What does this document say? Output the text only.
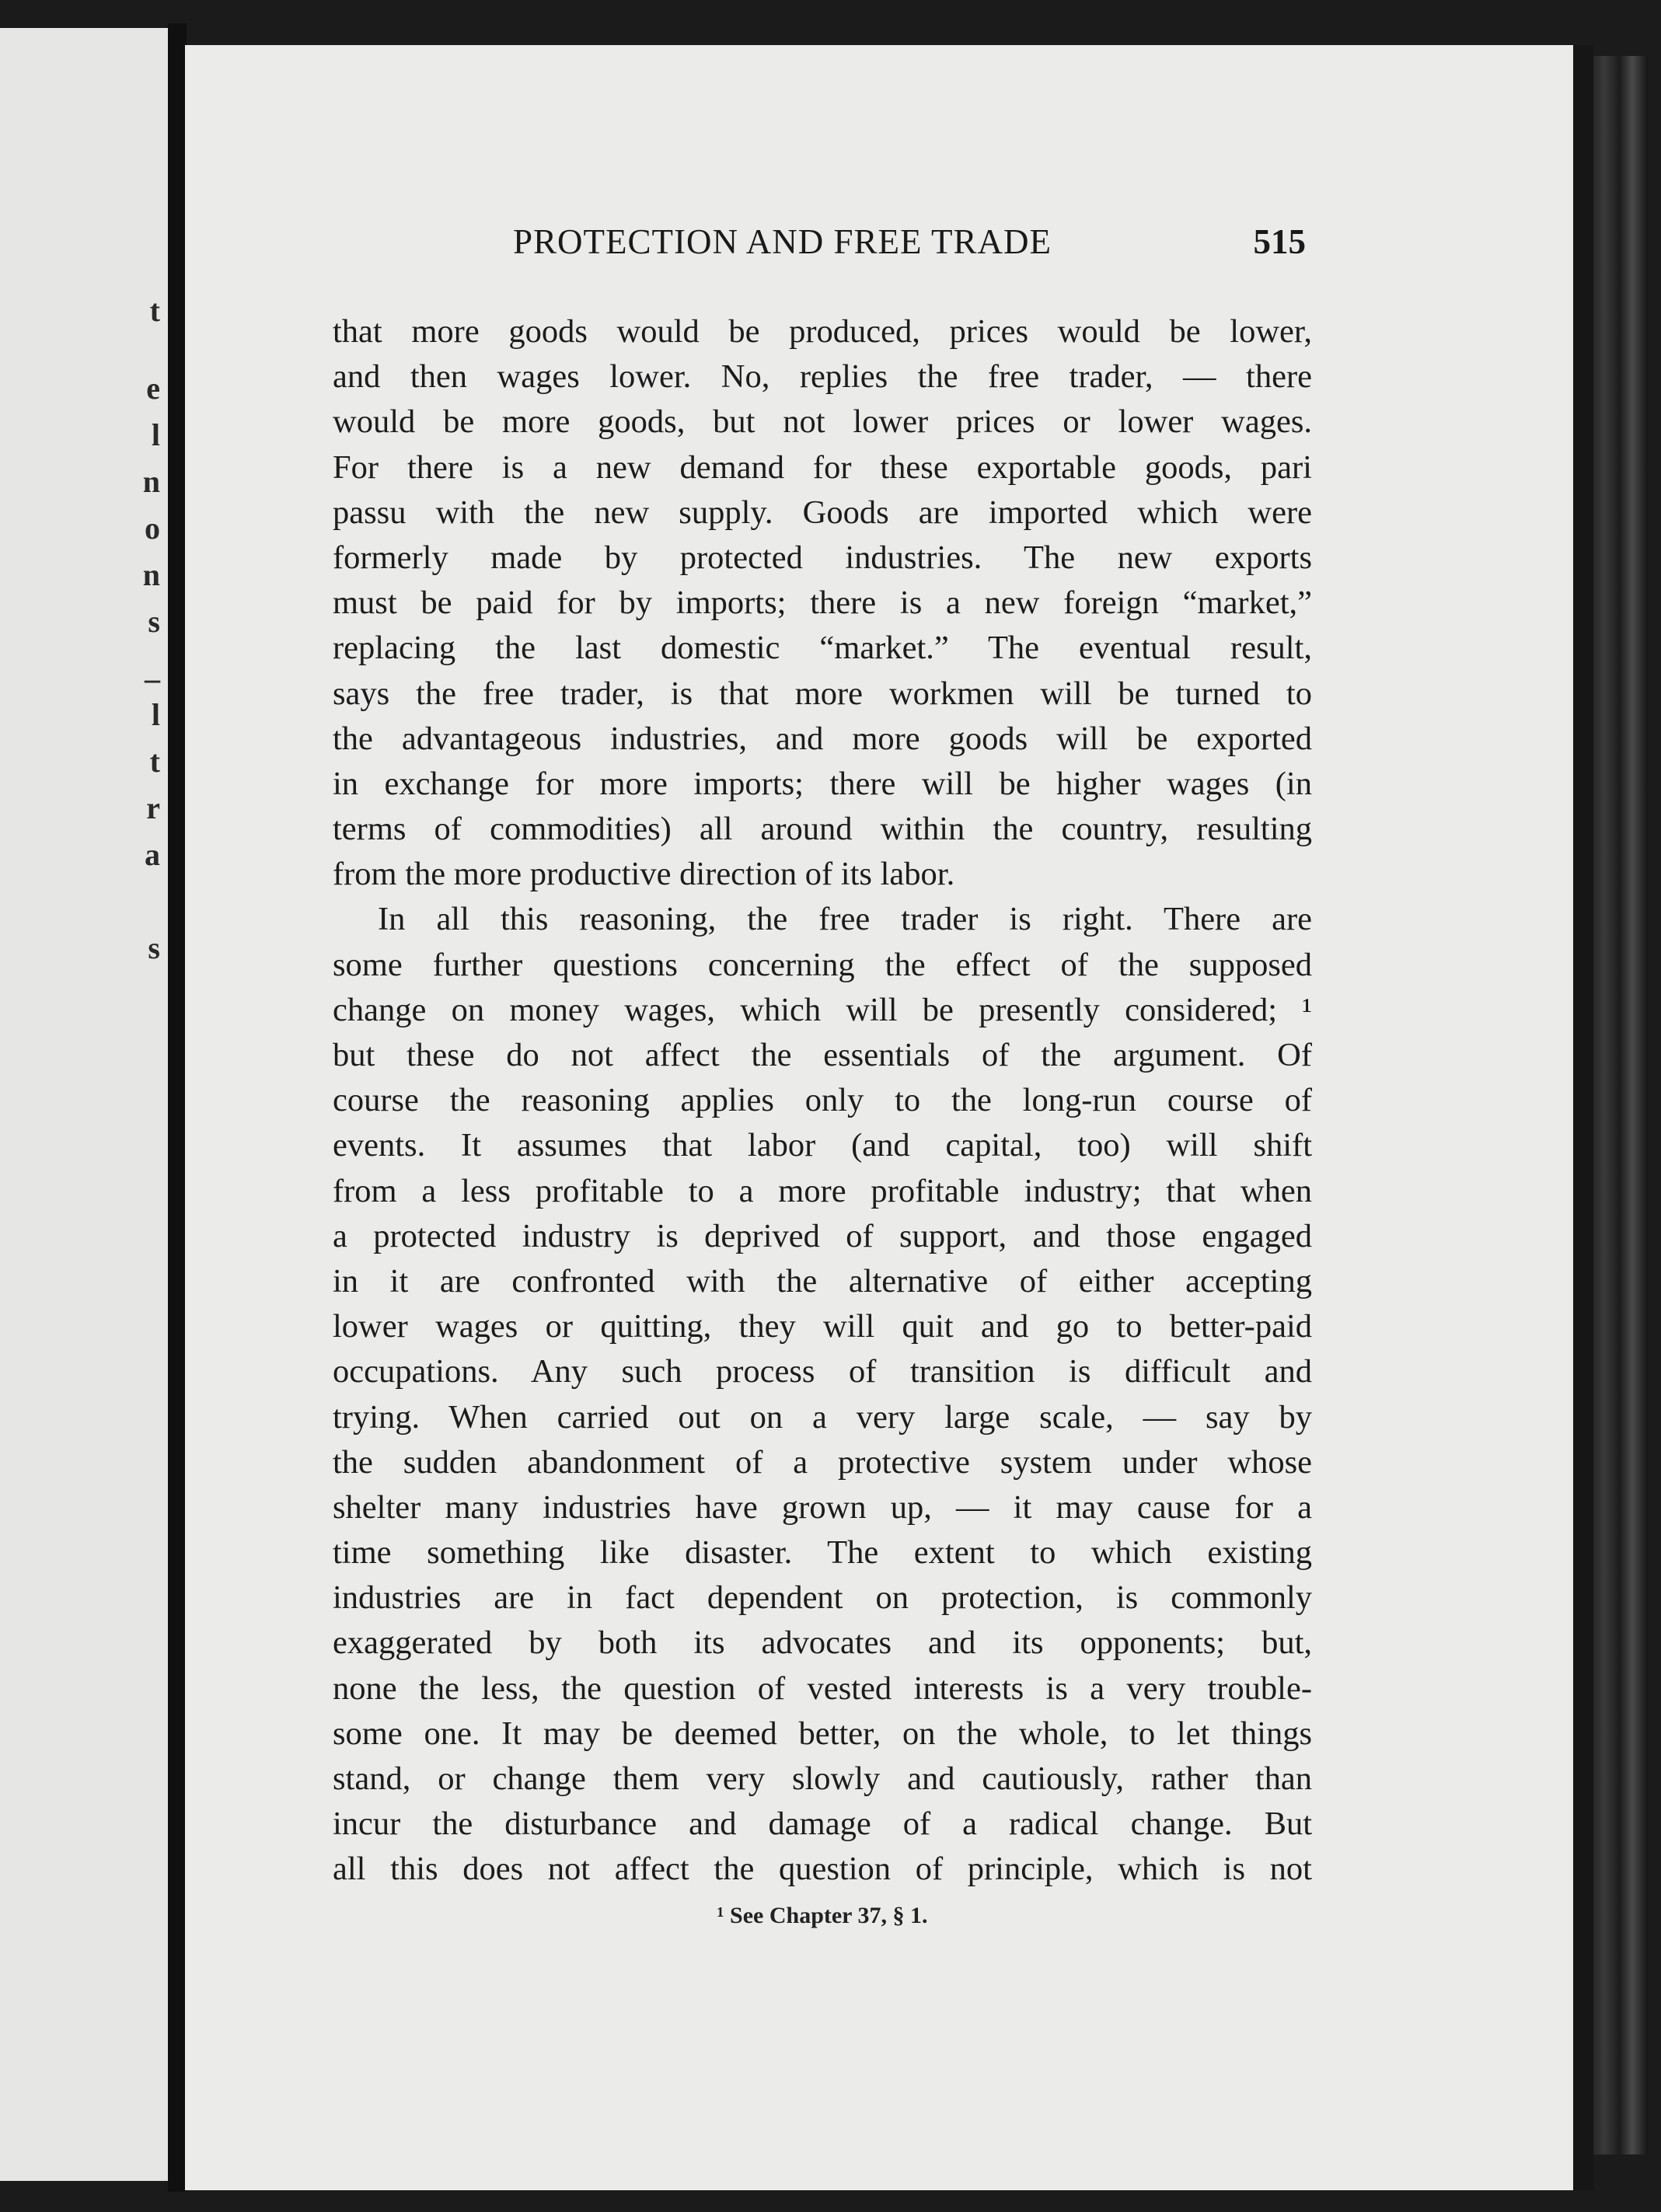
t
e
l
n
o
n
s
_
l
t
r
a
s
PROTECTION AND FREE TRADE	515
that more goods would be produced, prices would be lower,
and then wages lower. No, replies the free trader, — there
would be more goods, but not lower prices or lower wages.
For there is a new demand for these exportable goods, pari
passu with the new supply. Goods are imported which were
formerly made by protected industries. The new exports
must be paid for by imports; there is a new foreign “market,”
replacing the last domestic “market.” The eventual result,
says the free trader, is that more workmen will be turned to
the advantageous industries, and more goods will be exported
in exchange for more imports; there will be higher wages (in
terms of commodities) all around within the country, resulting
from the more productive direction of its labor.
In all this reasoning, the free trader is right. There are
some further questions concerning the effect of the supposed
change on money wages, which will be presently considered; ¹
but these do not affect the essentials of the argument. Of
course the reasoning applies only to the long-run course of
events. It assumes that labor (and capital, too) will shift
from a less profitable to a more profitable industry; that when
a protected industry is deprived of support, and those engaged
in it are confronted with the alternative of either accepting
lower wages or quitting, they will quit and go to better-paid
occupations. Any such process of transition is difficult and
trying. When carried out on a very large scale, — say by
the sudden abandonment of a protective system under whose
shelter many industries have grown up, — it may cause for a
time something like disaster. The extent to which existing
industries are in fact dependent on protection, is commonly
exaggerated by both its advocates and its opponents; but,
none the less, the question of vested interests is a very trouble-
some one. It may be deemed better, on the whole, to let things
stand, or change them very slowly and cautiously, rather than
incur the disturbance and damage of a radical change. But
all this does not affect the question of principle, which is not
¹ See Chapter 37, § 1.
